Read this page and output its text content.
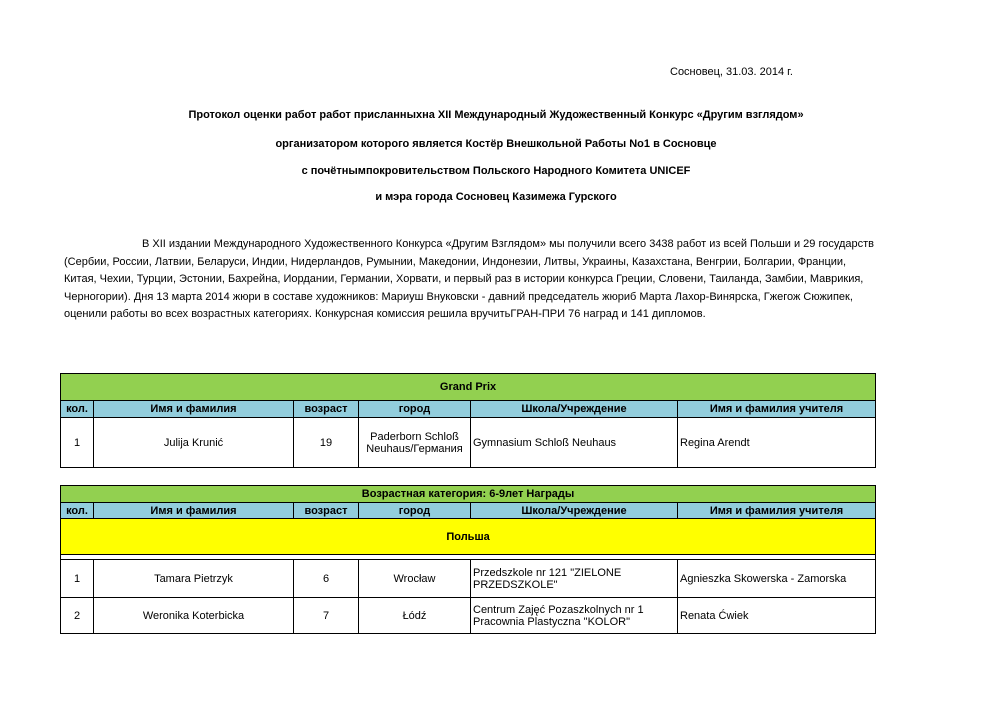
Сосновец, 31.03. 2014 г.
Протокол оценки работ работ присланныхна XII Международный Жудожественный Конкурс «Другим взглядом»
организатором которого является Костёр Внешкольной Работы No1 в Сосновце
с почётнымпокровительством Польского Народного Комитета UNICEF
и мэра города Сосновец Казимежа Гурского
В XII издании Международного Художественного Конкурса «Другим Взглядом» мы получили всего 3438 работ из всей Польши и 29 государств (Сербии, России, Латвии, Беларуси, Индии, Нидерландов, Румынии, Македонии, Индонезии, Литвы, Украины, Казахстана, Венгрии, Болгарии, Франции, Китая, Чехии, Турции, Эстонии, Бахрейна, Иордании, Германии, Хорвати, и первый раз в истории конкурса Греции, Словени, Таиланда, Замбии, Маврикия, Черногории). Дня 13 марта 2014 жюри в составе художников: Мариуш Внуковски - давний председатель жюриб Марта Лахор-Винярска, Гжегож Сюжипек, оценили работы во всех возрастных категориях. Конкурсная комиссия решила вручитьГРАН-ПРИ 76 наград и 141 дипломов.
Grand Prix					
кол.	Имя и фамилия	возраст	город	Школа/Учреждение	Имя и фамилия учителя
1	Julija Krunić	19	Paderborn Schloß Neuhaus/Германия	Gymnasium Schloß Neuhaus	Regina Arendt
Возрастная категория: 6-9лет Награды					
кол.	Имя и фамилия	возраст	город	Школа/Учреждение	Имя и фамилия учителя
Польша					

1	Tamara Pietrzyk	6	Wrocław	Przedszkole nr 121 "ZIELONE PRZEDSZKOLE"	Agnieszka Skowerska - Zamorska
2	Weronika Koterbicka	7	Łódź	Centrum Zajęć Pozaszkolnych nr 1 Pracownia Plastyczna "KOLOR"	Renata Ćwiek
